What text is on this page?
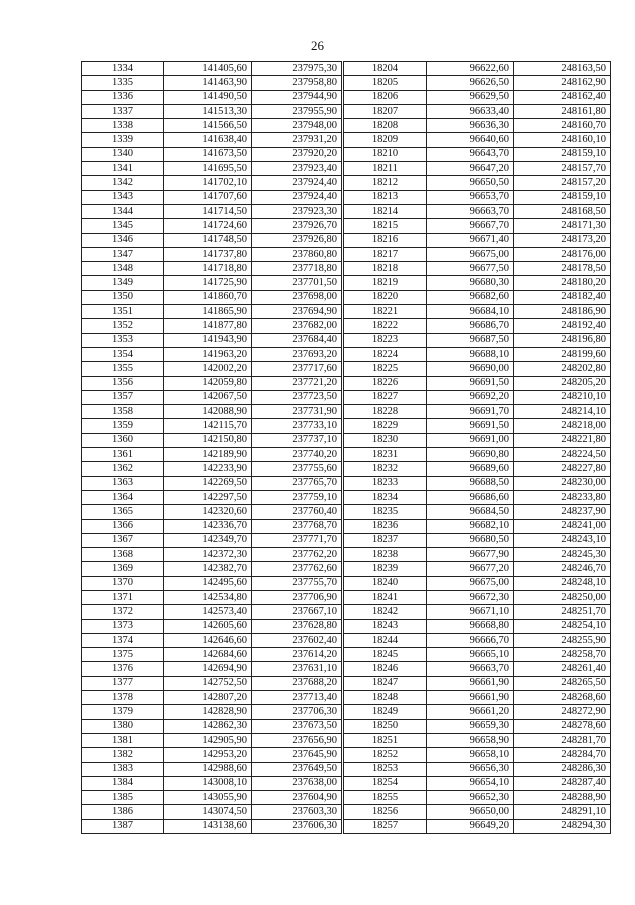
26
1334	141405,60	237975,30	18204	96622,60	248163,50
1335	141463,90	237958,80	18205	96626,50	248162,90
1336	141490,50	237944,90	18206	96629,50	248162,40
1337	141513,30	237955,90	18207	96633,40	248161,80
1338	141566,50	237948,00	18208	96636,30	248160,70
1339	141638,40	237931,20	18209	96640,60	248160,10
1340	141673,50	237920,20	18210	96643,70	248159,10
1341	141695,50	237923,40	18211	96647,20	248157,70
1342	141702,10	237924,40	18212	96650,50	248157,20
1343	141707,60	237924,40	18213	96653,70	248159,10
1344	141714,50	237923,30	18214	96663,70	248168,50
1345	141724,60	237926,70	18215	96667,70	248171,30
1346	141748,50	237926,80	18216	96671,40	248173,20
1347	141737,80	237860,80	18217	96675,00	248176,00
1348	141718,80	237718,80	18218	96677,50	248178,50
1349	141725,90	237701,50	18219	96680,30	248180,20
1350	141860,70	237698,00	18220	96682,60	248182,40
1351	141865,90	237694,90	18221	96684,10	248186,90
1352	141877,80	237682,00	18222	96686,70	248192,40
1353	141943,90	237684,40	18223	96687,50	248196,80
1354	141963,20	237693,20	18224	96688,10	248199,60
1355	142002,20	237717,60	18225	96690,00	248202,80
1356	142059,80	237721,20	18226	96691,50	248205,20
1357	142067,50	237723,50	18227	96692,20	248210,10
1358	142088,90	237731,90	18228	96691,70	248214,10
1359	142115,70	237733,10	18229	96691,50	248218,00
1360	142150,80	237737,10	18230	96691,00	248221,80
1361	142189,90	237740,20	18231	96690,80	248224,50
1362	142233,90	237755,60	18232	96689,60	248227,80
1363	142269,50	237765,70	18233	96688,50	248230,00
1364	142297,50	237759,10	18234	96686,60	248233,80
1365	142320,60	237760,40	18235	96684,50	248237,90
1366	142336,70	237768,70	18236	96682,10	248241,00
1367	142349,70	237771,70	18237	96680,50	248243,10
1368	142372,30	237762,20	18238	96677,90	248245,30
1369	142382,70	237762,60	18239	96677,20	248246,70
1370	142495,60	237755,70	18240	96675,00	248248,10
1371	142534,80	237706,90	18241	96672,30	248250,00
1372	142573,40	237667,10	18242	96671,10	248251,70
1373	142605,60	237628,80	18243	96668,80	248254,10
1374	142646,60	237602,40	18244	96666,70	248255,90
1375	142684,60	237614,20	18245	96665,10	248258,70
1376	142694,90	237631,10	18246	96663,70	248261,40
1377	142752,50	237688,20	18247	96661,90	248265,50
1378	142807,20	237713,40	18248	96661,90	248268,60
1379	142828,90	237706,30	18249	96661,20	248272,90
1380	142862,30	237673,50	18250	96659,30	248278,60
1381	142905,90	237656,90	18251	96658,90	248281,70
1382	142953,20	237645,90	18252	96658,10	248284,70
1383	142988,60	237649,50	18253	96656,30	248286,30
1384	143008,10	237638,00	18254	96654,10	248287,40
1385	143055,90	237604,90	18255	96652,30	248288,90
1386	143074,50	237603,30	18256	96650,00	248291,10
1387	143138,60	237606,30	18257	96649,20	248294,30
